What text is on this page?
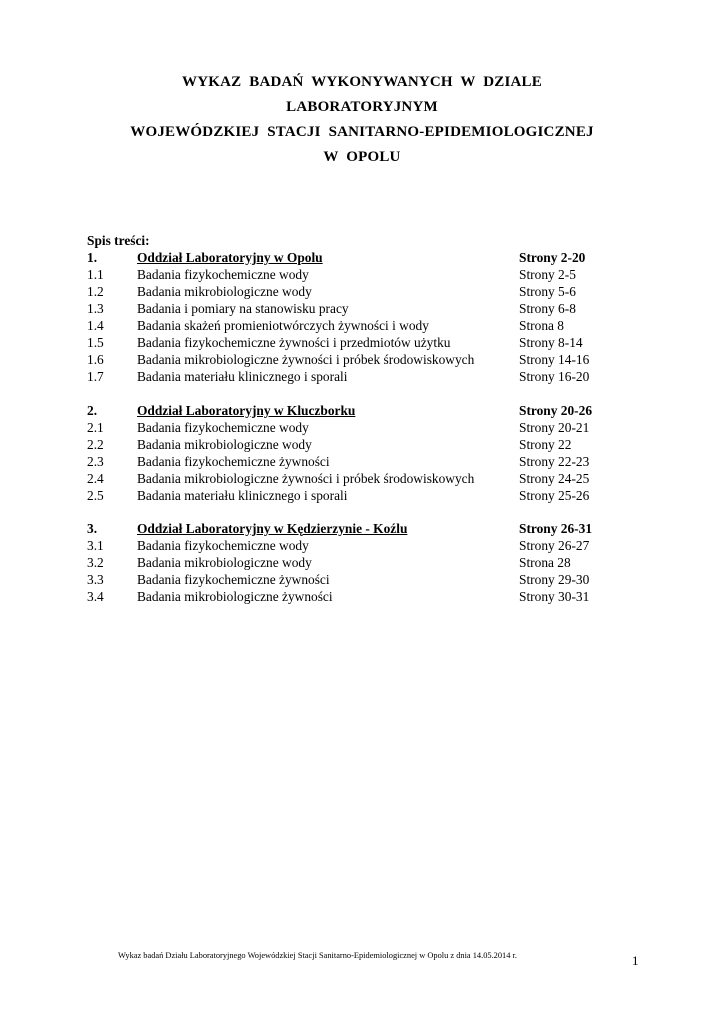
WYKAZ  BADAŃ  WYKONYWANYCH  W  DZIALE
LABORATORYJNYM
WOJEWÓDZKIEJ  STACJI  SANITARNO-EPIDEMIOLOGICZNEJ
W  OPOLU
Spis treści:
1.	Oddział Laboratoryjny w Opolu	Strony 2-20
1.1 Badania fizykochemiczne wody	Strony 2-5
1.2 Badania mikrobiologiczne wody	Strony 5-6
1.3 Badania i pomiary na stanowisku pracy	Strony 6-8
1.4 Badania skażeń promieniotwórczych żywności i wody	Strona 8
1.5 Badania fizykochemiczne żywności i przedmiotów użytku	Strony 8-14
1.6 Badania mikrobiologiczne żywności i próbek środowiskowych	Strony 14-16
1.7 Badania materiału klinicznego i sporali	Strony 16-20
2.	Oddział Laboratoryjny w Kluczborku	Strony 20-26
2.1 Badania fizykochemiczne wody	Strony 20-21
2.2 Badania mikrobiologiczne wody	Strony 22
2.3 Badania fizykochemiczne żywności	Strony 22-23
2.4 Badania mikrobiologiczne żywności i próbek środowiskowych	Strony 24-25
2.5 Badania materiału klinicznego i sporali	Strony 25-26
3.	Oddział Laboratoryjny w Kędzierzynie - Koźlu	Strony 26-31
3.1 Badania fizykochemiczne wody	Strony 26-27
3.2 Badania mikrobiologiczne wody	Strona 28
3.3 Badania fizykochemiczne żywności	Strony 29-30
3.4 Badania mikrobiologiczne żywności	Strony 30-31
Wykaz badań Działu Laboratoryjnego Wojewódzkiej Stacji Sanitarno-Epidemiologicznej w Opolu z dnia 14.05.2014 r.	1
